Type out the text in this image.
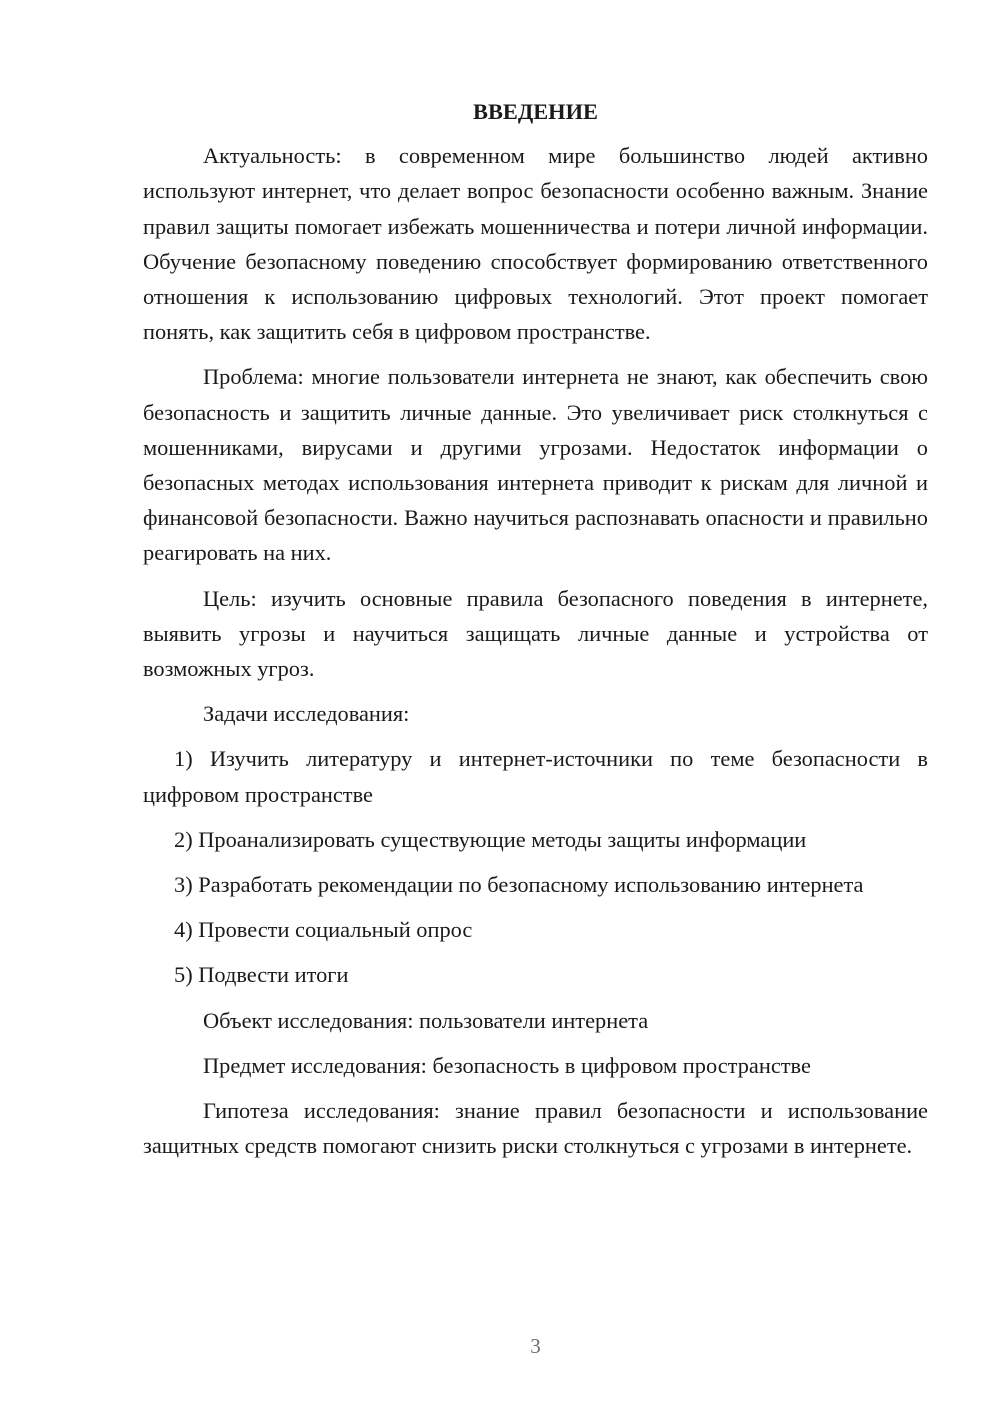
ВВЕДЕНИЕ

Актуальность: в современном мире большинство людей активно используют интернет, что делает вопрос безопасности особенно важным. Знание правил защиты помогает избежать мошенничества и потери личной информации. Обучение безопасному поведению способствует формированию ответственного отношения к использованию цифровых технологий. Этот проект помогает понять, как защитить себя в цифровом пространстве.

Проблема: многие пользователи интернета не знают, как обеспечить свою безопасность и защитить личные данные. Это увеличивает риск столкнуться с мошенниками, вирусами и другими угрозами. Недостаток информации о безопасных методах использования интернета приводит к рискам для личной и финансовой безопасности. Важно научиться распознавать опасности и правильно реагировать на них.

Цель: изучить основные правила безопасного поведения в интернете, выявить угрозы и научиться защищать личные данные и устройства от возможных угроз.

Задачи исследования:

1) Изучить литературу и интернет-источники по теме безопасности в цифровом пространстве

2) Проанализировать существующие методы защиты информации

3) Разработать рекомендации по безопасному использованию интернета

4) Провести социальный опрос

5) Подвести итоги

Объект исследования: пользователи интернета

Предмет исследования: безопасность в цифровом пространстве

Гипотеза исследования: знание правил безопасности и использование защитных средств помогают снизить риски столкнуться с угрозами в интернете.

3
